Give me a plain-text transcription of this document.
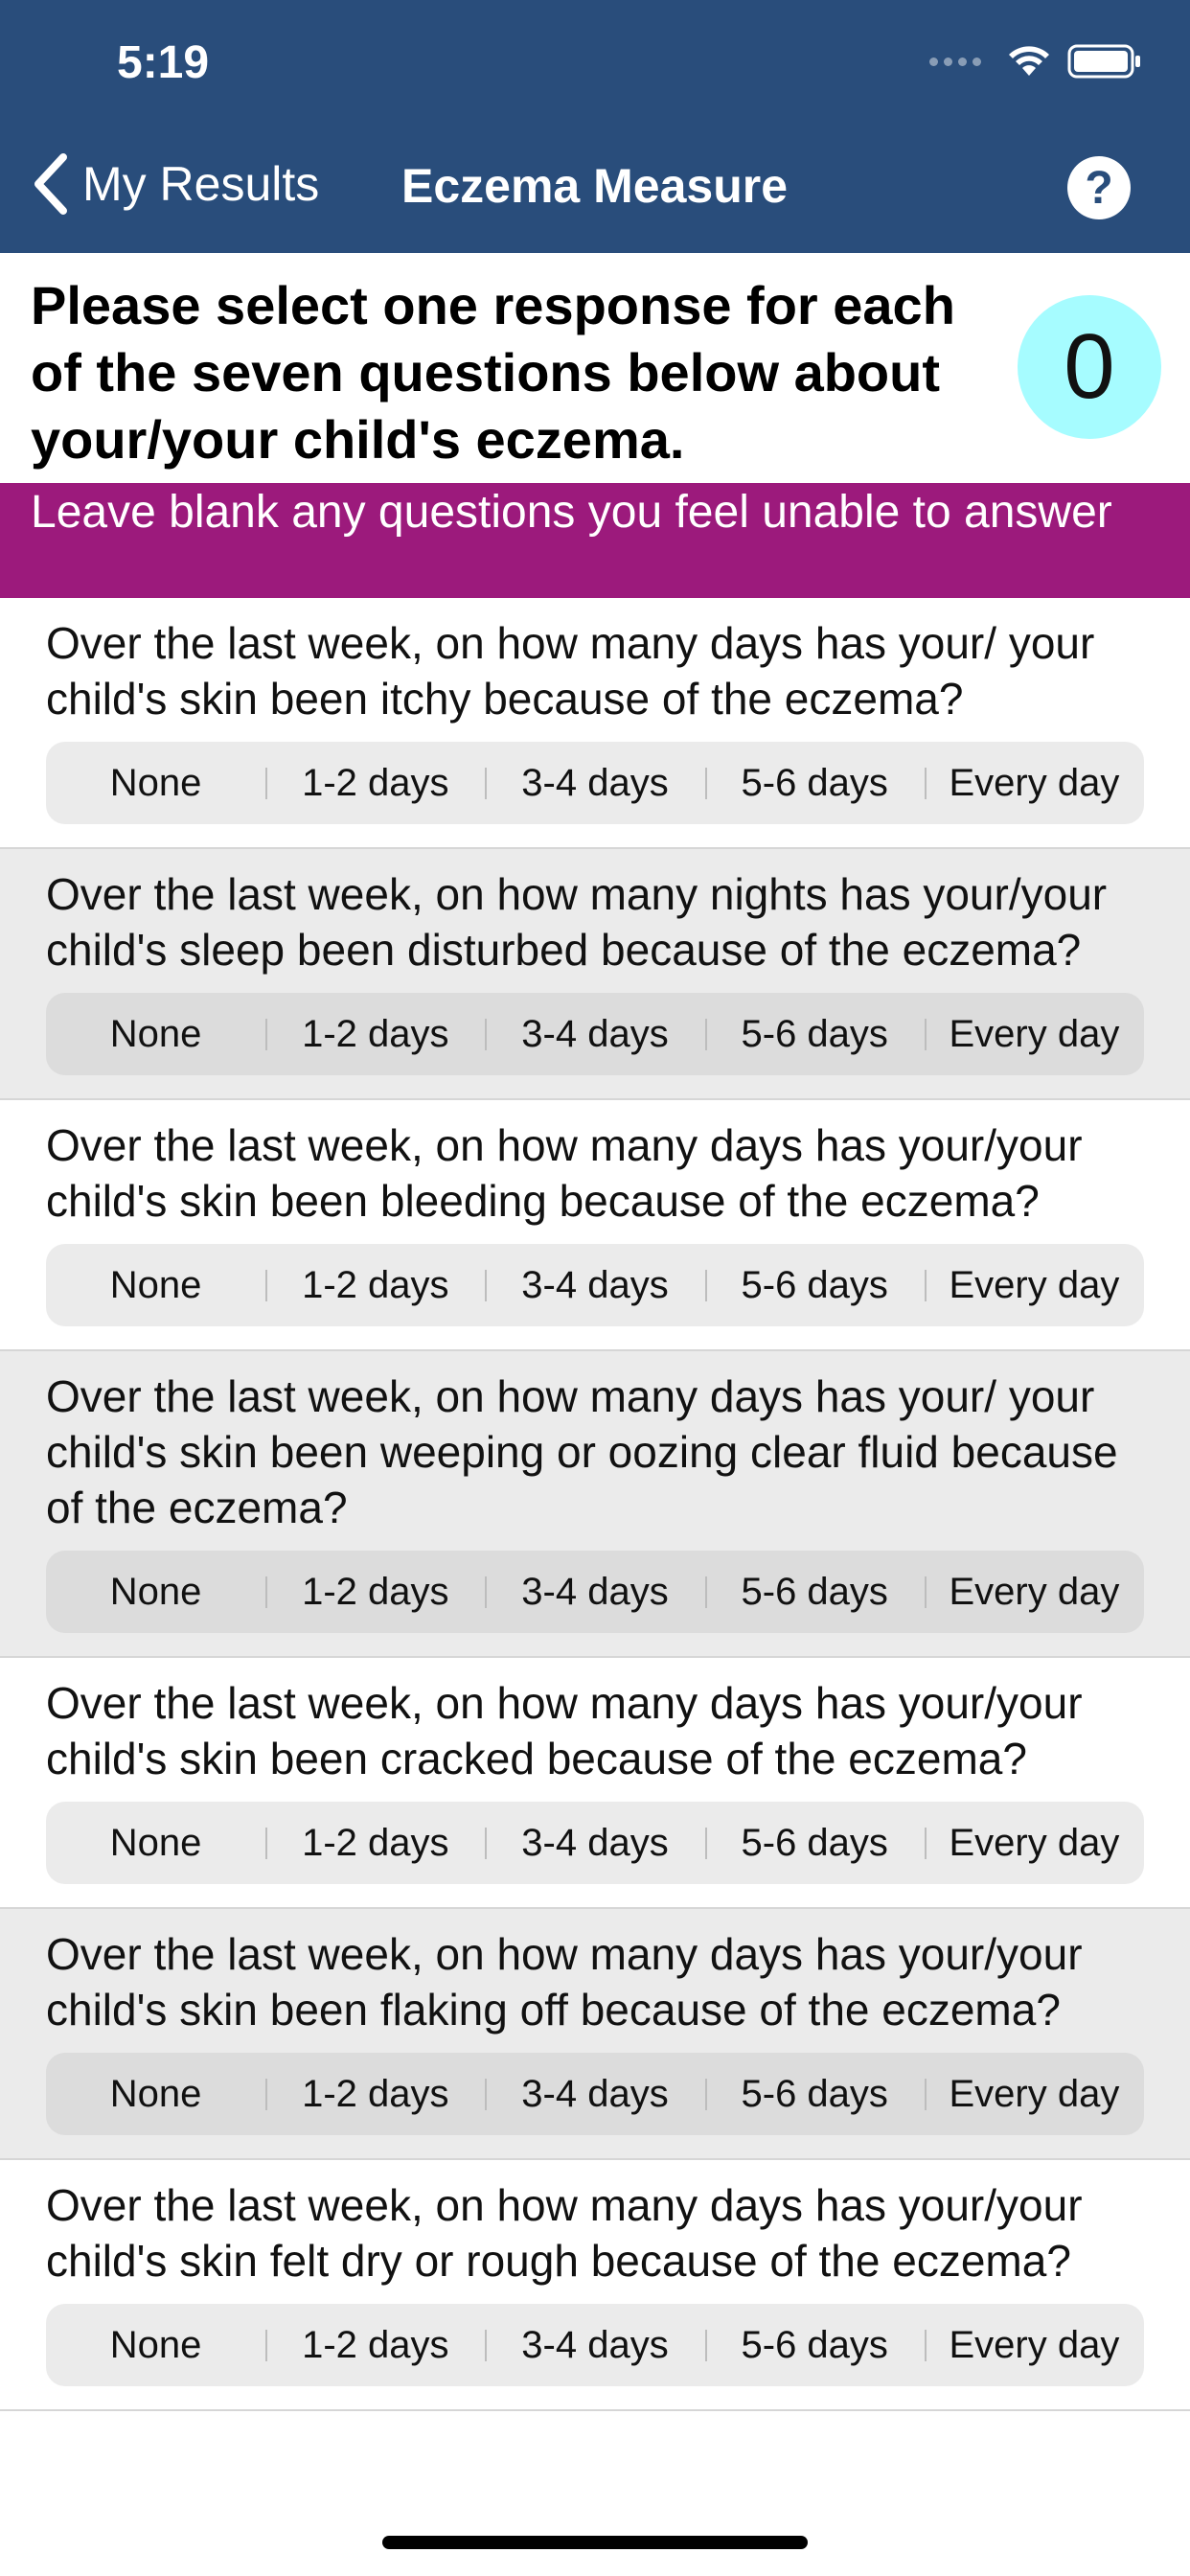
5:19
My Results Eczema Measure	?
Please select one response for each of the seven questions below about your/your child's eczema.
0
Leave blank any questions you feel unable to answer

Over the last week, on how many days has your/ your child's skin been itchy because of the eczema?

None	1-2 days	3-4 days	5-6 days	Every day

Over the last week, on how many nights has your/your child's sleep been disturbed because of the eczema?

None	1-2 days	3-4 days	5-6 days	Every day

Over the last week, on how many days has your/your child's skin been bleeding because of the eczema?

None	1-2 days	3-4 days	5-6 days	Every day

Over the last week, on how many days has your/ your child's skin been weeping or oozing clear fluid because of the eczema?

None	1-2 days	3-4 days	5-6 days	Every day

Over the last week, on how many days has your/your child's skin been cracked because of the eczema?

None	1-2 days	3-4 days	5-6 days	Every day

Over the last week, on how many days has your/your child's skin been flaking off because of the eczema?

None	1-2 days	3-4 days	5-6 days	Every day

Over the last week, on how many days has your/your child's skin felt dry or rough because of the eczema?

None	1-2 days	3-4 days	5-6 days	Every day
